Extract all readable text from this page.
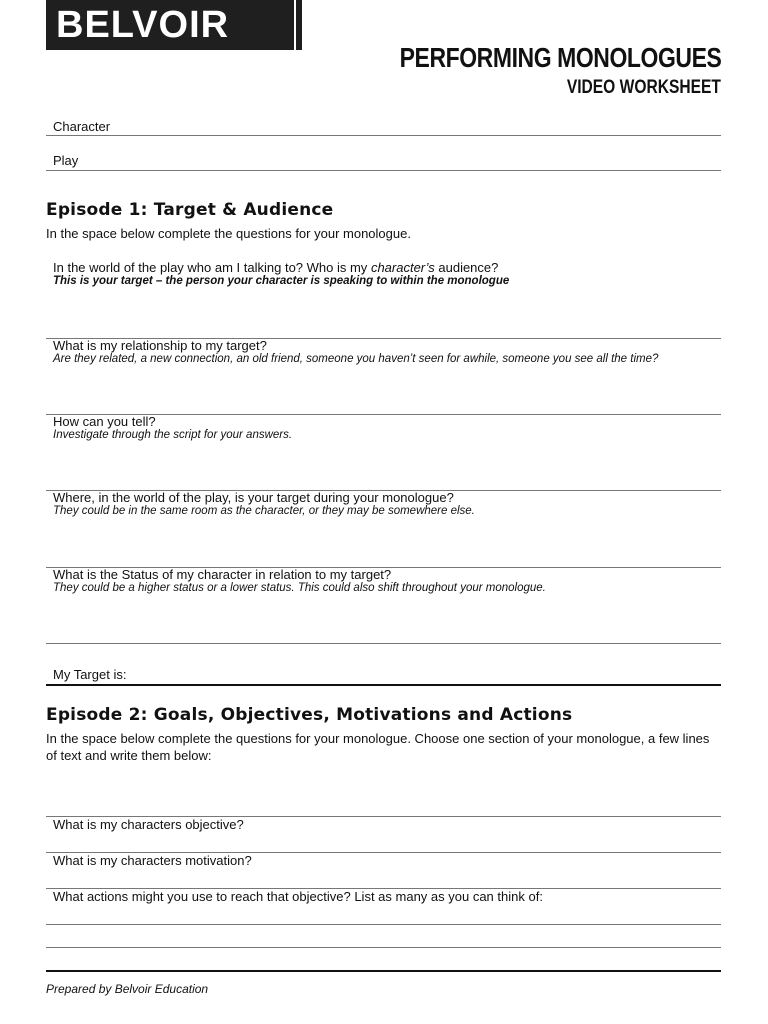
BELVOIR
PERFORMING MONOLOGUES
VIDEO WORKSHEET
Character
Play
Episode 1: Target & Audience
In the space below complete the questions for your monologue.
In the world of the play who am I talking to? Who is my character’s audience?
This is your target – the person your character is speaking to within the monologue
What is my relationship to my target?
Are they related, a new connection, an old friend, someone you haven’t seen for awhile, someone you see all the time?
How can you tell?
Investigate through the script for your answers.
Where, in the world of the play, is your target during your monologue?
They could be in the same room as the character, or they may be somewhere else.
What is the Status of my character in relation to my target?
They could be a higher status or a lower status. This could also shift throughout your monologue.
My Target is:
Episode 2: Goals, Objectives, Motivations and Actions
In the space below complete the questions for your monologue. Choose one section of your monologue, a few lines of text and write them below:
What is my characters objective?
What is my characters motivation?
What actions might you use to reach that objective? List as many as you can think of:
Prepared by Belvoir Education
